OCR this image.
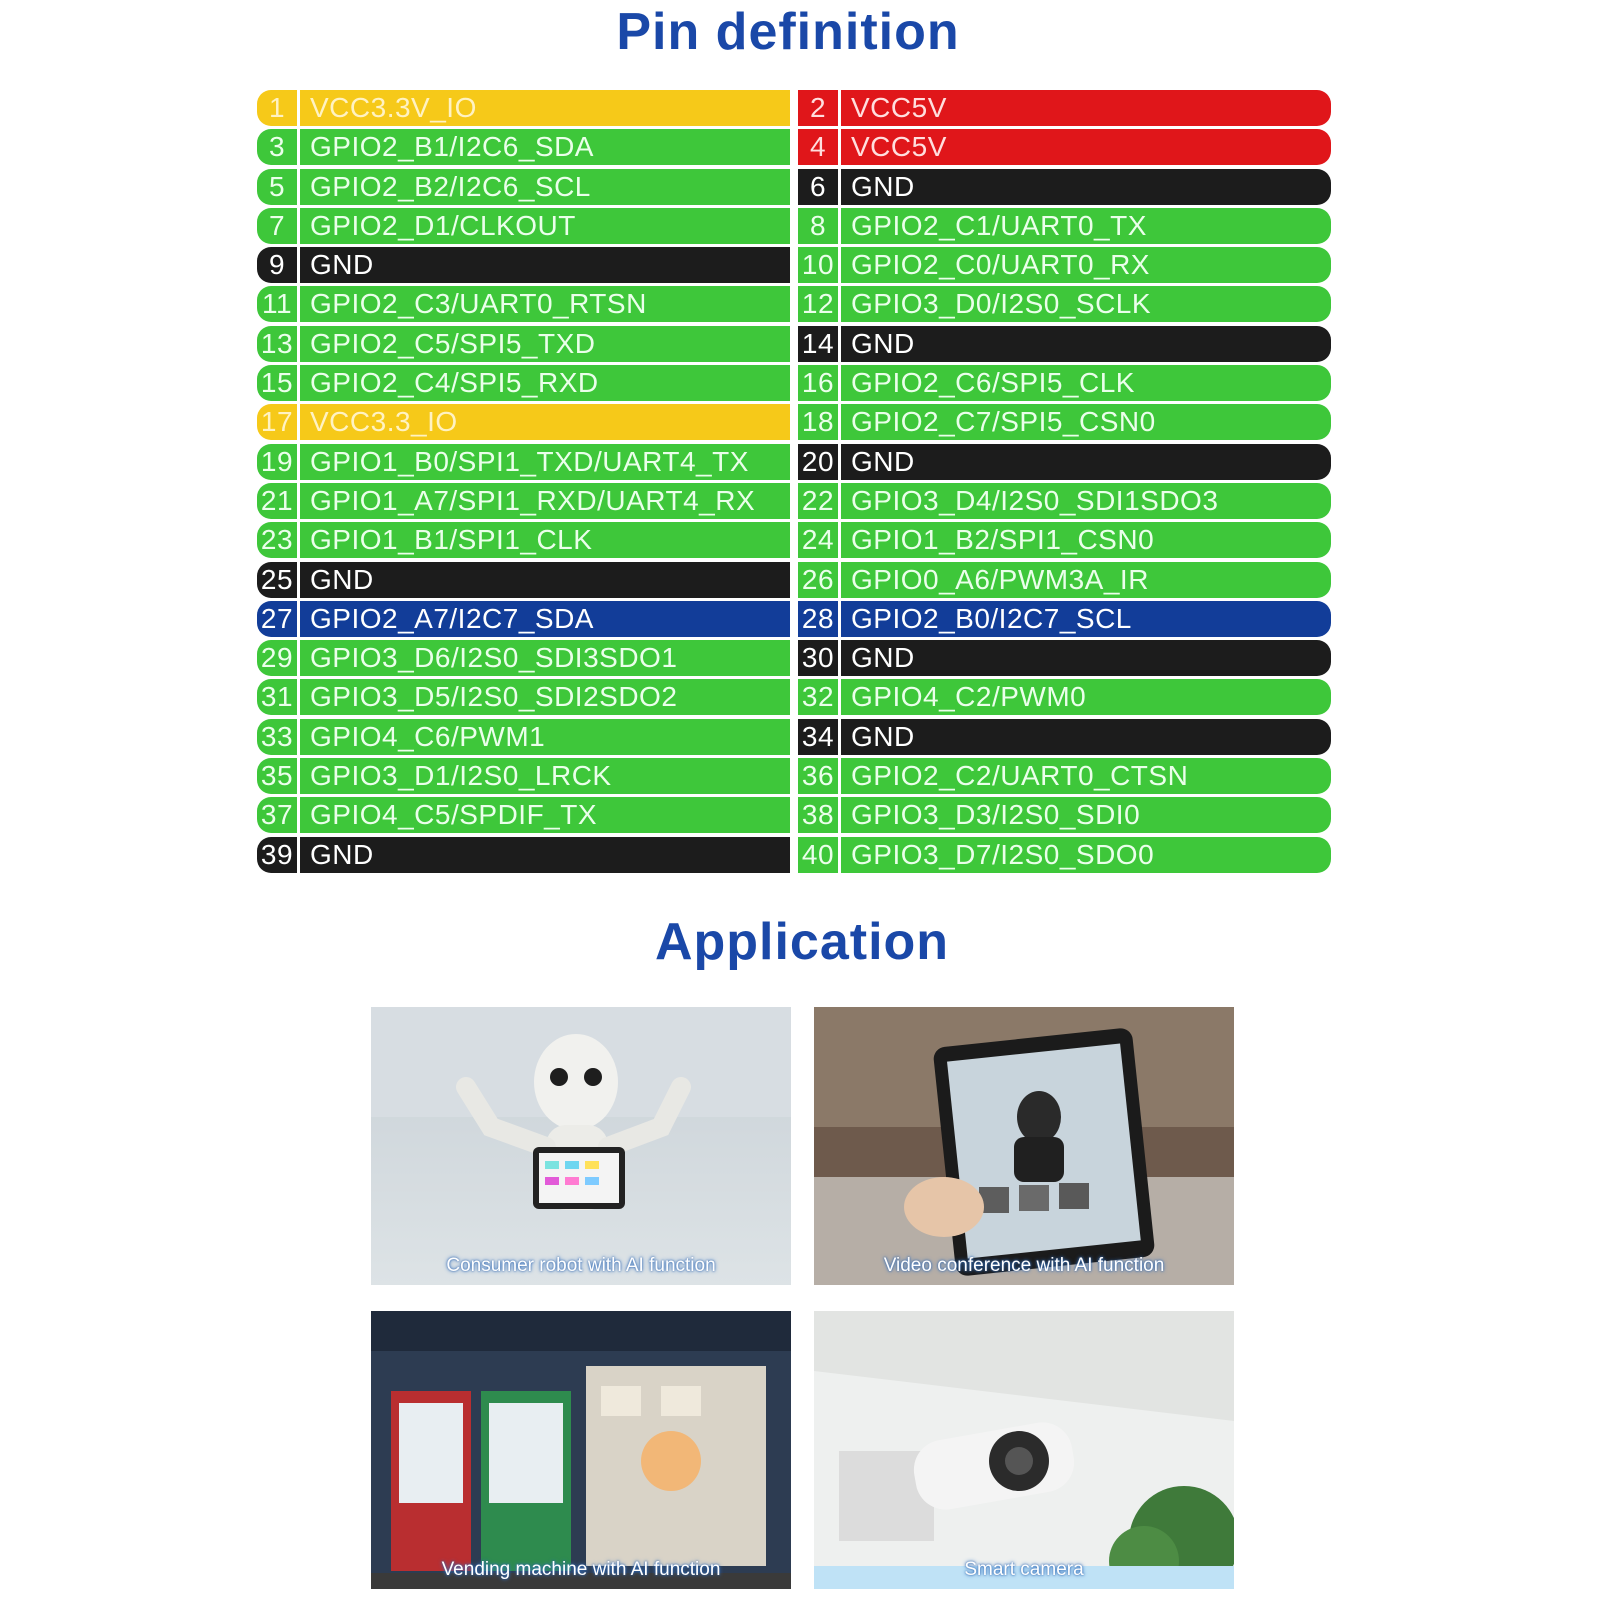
Pin definition
1 VCC3.3V_IO
3 GPIO2_B1/I2C6_SDA
5 GPIO2_B2/I2C6_SCL
7 GPIO2_D1/CLKOUT
9 GND
11 GPIO2_C3/UART0_RTSN
13 GPIO2_C5/SPI5_TXD
15 GPIO2_C4/SPI5_RXD
17 VCC3.3_IO
19 GPIO1_B0/SPI1_TXD/UART4_TX
21 GPIO1_A7/SPI1_RXD/UART4_RX
23 GPIO1_B1/SPI1_CLK
25 GND
27 GPIO2_A7/I2C7_SDA
29 GPIO3_D6/I2S0_SDI3SDO1
31 GPIO3_D5/I2S0_SDI2SDO2
33 GPIO4_C6/PWM1
35 GPIO3_D1/I2S0_LRCK
37 GPIO4_C5/SPDIF_TX
39 GND
2 VCC5V
4 VCC5V
6 GND
8 GPIO2_C1/UART0_TX
10 GPIO2_C0/UART0_RX
12 GPIO3_D0/I2S0_SCLK
14 GND
16 GPIO2_C6/SPI5_CLK
18 GPIO2_C7/SPI5_CSN0
20 GND
22 GPIO3_D4/I2S0_SDI1SDO3
24 GPIO1_B2/SPI1_CSN0
26 GPIO0_A6/PWM3A_IR
28 GPIO2_B0/I2C7_SCL
30 GND
32 GPIO4_C2/PWM0
34 GND
36 GPIO2_C2/UART0_CTSN
38 GPIO3_D3/I2S0_SDI0
40 GPIO3_D7/I2S0_SDO0
Application
Consumer robot with AI function	Video conference with AI function
Vending machine with AI function	Smart camera
